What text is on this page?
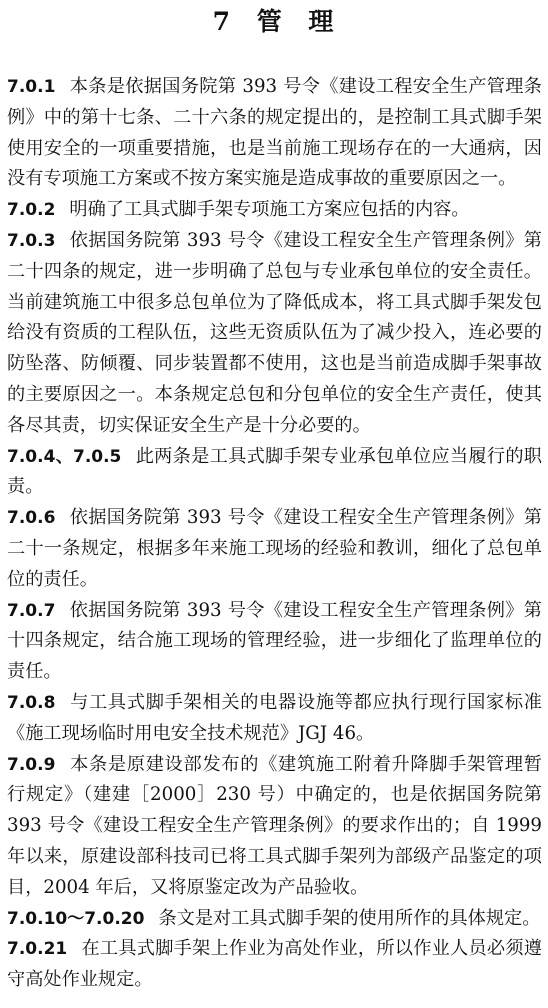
7 管 理

7.0.1 本条是依据国务院第 393 号令《建设工程安全生产管理条例》中的第十七条、二十六条的规定提出的，是控制工具式脚手架使用安全的一项重要措施，也是当前施工现场存在的一大通病，因没有专项施工方案或不按方案实施是造成事故的重要原因之一。

7.0.2 明确了工具式脚手架专项施工方案应包括的内容。

7.0.3 依据国务院第 393 号令《建设工程安全生产管理条例》第二十四条的规定，进一步明确了总包与专业承包单位的安全责任。当前建筑施工中很多总包单位为了降低成本，将工具式脚手架发包给没有资质的工程队伍，这些无资质队伍为了减少投入，连必要的防坠落、防倾覆、同步装置都不使用，这也是当前造成脚手架事故的主要原因之一。本条规定总包和分包单位的安全生产责任，使其各尽其责，切实保证安全生产是十分必要的。

7.0.4、7.0.5 此两条是工具式脚手架专业承包单位应当履行的职责。

7.0.6 依据国务院第 393 号令《建设工程安全生产管理条例》第二十一条规定，根据多年来施工现场的经验和教训，细化了总包单位的责任。

7.0.7 依据国务院第 393 号令《建设工程安全生产管理条例》第十四条规定，结合施工现场的管理经验，进一步细化了监理单位的责任。

7.0.8 与工具式脚手架相关的电器设施等都应执行现行国家标准《施工现场临时用电安全技术规范》JGJ 46。

7.0.9 本条是原建设部发布的《建筑施工附着升降脚手架管理暂行规定》（建建［2000］230 号）中确定的，也是依据国务院第 393 号令《建设工程安全生产管理条例》的要求作出的；自 1999 年以来，原建设部科技司已将工具式脚手架列为部级产品鉴定的项目，2004 年后，又将原鉴定改为产品验收。

7.0.10～7.0.20 条文是对工具式脚手架的使用所作的具体规定。

7.0.21 在工具式脚手架上作业为高处作业，所以作业人员必须遵守高处作业规定。
